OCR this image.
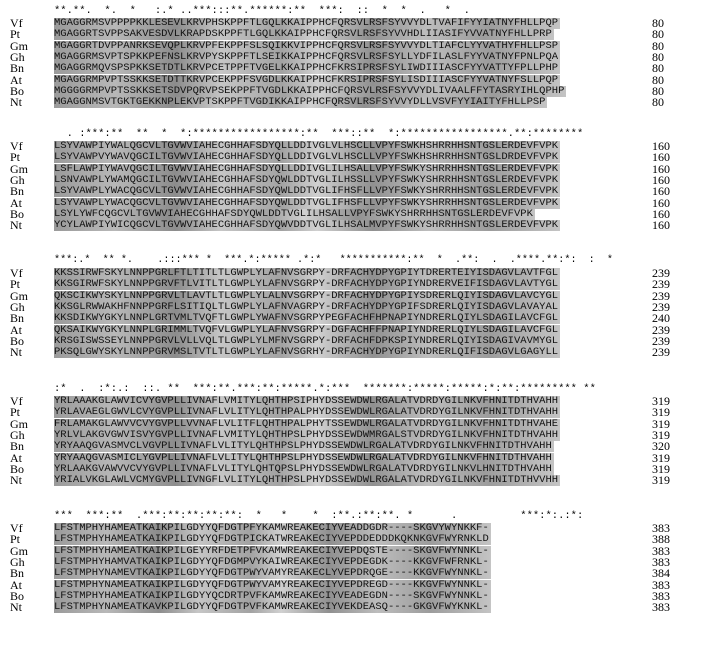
**.**.  *.  *   :.* ..***:::**.******:**  ***:  ::  *  *  .   *  .
Vf	MGAGGRMSVPPPPKKLESEVLKRVPHSKPPFTLGQLKKAIPPHCFQRSVLRSFSYVVYDLTVAFIFYYIATNYFHLLPQP	80
Pt	MGAGGRTSVPPSAKVESDVLKRAPDSKPPFTLGQLKKAIPPHCFQRSVLRSFSYVVHDLIIASIFYVVATNYFHLLPRP	80
Gm MGAGGRTDVPPANRKSEVQPLKRVPFEKPPFSLSQIKKVIPPHCFQRSVLRSFSYVVYDLTIAFCLYYVATHYFHLLPSP	80
Gh	MGAGGRMSVPTSPKKPEFNSLKRVPYSKPPFTLSEIKKAIPPHCFQRSVLRSFSYLLYDFILASLFYYVATNYFPNLPQA	80
Bn	MGAGGRMQVSPSPKKSETDTLKRVPCETPPFTVGELKKAIPPHCFKRSIPRSFSYLIWDIIIASCFYYVATTYFPLLPHP	80
At	MGAGGRMPVPTSSKKSETDTTKRVPCEKPPFSVGDLKKAIPPHCFKRSIPRSFSYLISDIIIASCFYYVATNYFSLLPQP	80
Bo	MGGGGRMPVPTSSKKSETSDVPQRVPSEKPPFTVGDLKKAIPPHCFQRSVLRSFSYVVYDLIVAALFFYTASRYIHLQPHP	80
Nt	MGAGGNMSVTGKTGEKKNPLEKVPTSKPPFTVGDIKKAIPPHCFQRSVLRSFSYVVYDLLVSVFYYIAITYFHLLPSP	80
. :***:**  **  *  *:*****************:**  ***::**  *:*****************.**:********
Vf	LSYVAWPIYWALQGCVLTGVWVIAHECGHHAFSDYQLLDDIVGLVLHSCLLVPYFSWKHSHRRHHSNTGSLERDEVFVPK	160
Pt	LSYVAWPVYWAVQGCILTGVWVIAHECGHHAFSDYQLLDDIVGLVLHSCLLVPYFSWKHSHRRHHSNTGSLDRDEVFVPK	160
Gm LSFLAWPIYWAVQGCILTGVWVIAHECGHHAFSDYQLLDDIVGLILHSALLVPYFSWKYSHRRHHSNTGSLERDEVFVPK	160
Gh	LSNVAWPLYWAMQGCILTGVWVIAHECGHHAFSDYQWLDDTVGLILHSSLLVPYFSWKYSHRRHHSNTGSLERDEVFVPK	160
Bn	LSYVAWPLYWACQGCVLTGVWVIAHECGHHAFSDYQWLDDTVGLIFHSFLLVPYFSWKYSHRRHHSNTGSLERDEVFVPK	160
At	LSYVAWPLYWACQGCVLTGVWVIAHECGHHAFSDYQWLDDTVGLIFHSFLLVPYFSWKYSHRRHHSNTGSLERDEVFVPK	160
Bo	LSYLYWFCQGCVLTGVWVIAHECGHHAFSDYQWLDDTVGLILHSALLVPYFSWKYSHRRHHSNTGSLERDEVFVPK	160
Nt	YCYLAWPIYWICQGCVLTGVWVIAHECGHHAFSDYQWVDDTVGLILHSALMVPYFSWKYSHRRHHSNTGSLERDEVFVPK	160
***:.*  ** *.    .:::*** *  ***.*:***** .*:*   ***********:**  *  .**:  .  .****.**:*:  :  *
Vf	KKSSIRWFSKYLNNPPGRLFTLTITLTLGWPLYLAFNVSGRPY-DRFACHYDPYGPIYTDRERTEIYISDAGVLAVTFGL	239
Pt	KKSGIRWFSKYLNNPPGRVFTLVITLTLGWPLYLAFNVSGRPY-DRFACHYDPYGPIYNDRERVEIFISDAGVLAVTYGL	239
Gm QKSCIKWYSKYLNNPPGRVLTLAVTLTLGWPLYLALNVSGRPY-DRFACHYDPYGPIYSDRERLQIYISDAGVLAVCYGL	239
Gh	KKSGLRWWAKHFNNPPGRFLSITIQLTLGWPLYLAFNVAGRPY-DRFACHYDPYGPIFSDRERLQIYISDAGVLAVAYAL	239
Bn	KKSDIKWYGKYLNNPLGRTVMLTVQFTLGWPLYWAFNVSGRPYPEGFACHFHPNAPIYNDRERLQIYLSDAGILAVCFGL	240
At	QKSAIKWYGKYLNNPLGRIMMLTVQFVLGWPLYLAFNVSGRPY-DGFACHFFPNAPIYNDRERLQIYLSDAGILAVCFGL	239
Bo	KRSGISWSSEYLNNPPGRVLVLLVQLTLGWPLYLMFNVSGRPY-DRFACHFDPKSPIYNDRERLQIYISDAGIVAVMYGL	239
Nt	PKSQLGWYSKYLNNPPGRVMSLTVTLTLGWPLYLAFNVSGRHY-DRFACHYDPYGPIYNDRERLQIFISDAGVLGAGYLL	239
:*  .  :*:.:  ::. **  ***:**.***:**:*****.*:***  *******:*****:*****:*:**:********* **
Vf	YRLAAAKGLAWVICVYGVPLLIVNAFLVMITYLQHTHPSIPHYDSSEWDWLRGALATVDRDYGILNKVFHNITDTHVAHH	319
Pt	YRLAVAEGLGWVLCVYGVPLLIVNAFLVLITYLQHTHPALPHYDSSEWDWLRGALATVDRDYGILNKVFHNITDTHVAHH	319
Gm FRLAMAKGLAWVVCVYGVPLLVVNAFLVLITFLQHTHPALPHYTSSEWDWLRGALATVDRDYGILNKVFHNITDTHVAHE	319
Gh	YRLVLAKGVGWVISVYGVPLLIVNAFLVMITYLQHTHPSLPHYDSSEWDWMRGALSTVDRDYGILNKVFHNITDTHVAHH	319
Bn	YRYAAQGVASMVCLVGVPLLIVNAFLVLITYLQHTHPSLPHYDSSEWDWLRGALATVDRDYGILNKVFHNITDTHVAHH	320
At	YRYAAQGVASMICLYGVPLLIVNAFLVLITYLQHTHPSLPHYDSSEWDWLRGALATVDRDYGILNKVFHNITDTHVAHH	319
Bo	YRLAAKGVAWVVCVYGVPLLIVNAFLVLITYLQHTQPSLPHYDSSEWDWLRGALATVDRDYGILNKVLHNITDTHVAHH	319
Nt	YRIALVKGLAWLVCMYGVPLLIVNGFLVLITYLQHTHPSLPHYDSSEWDWLRGALATVDRDYGILNKVFHNITDTHVVHH	319
***  ***:**  .***:**:**:**:**:  *   *    *  :**.:**:**. *      .          ***:*:.:*:
Vf	LFSTMPHYHAMEATKAIKPILGDYYQFDGTPFYKAMWREAKECIYVEADDGDR----SKGVYWYNKKF-	383
Pt	LFSTMPHYHAMEATKAIKPILGDYYQFDGTPICKATWREAKECIYVEPDDEDDDKQKNKGVFWYRNKLD	388
Gm LFSTMPHYHAMEATKAIKPILGEYYRFDETPFVKAMWREAKECIYVEPDQSTE----SKGVFWYNNKL-	383
Gh	LFSTMPHYHAMVATKAIKPILGDYYQFDGMPVYKAIWREAKECIYVEPDEGDK----KKGVFWFRNKL-	383
Bn	LFSTMPHYNAMEVTKAIKPILGDYYQFDGTPWYVAMYREAKECLYVEPDRQGE----KKGVFWYNNKL-	384
At	LFSTMPHYNAMEATKAIKPILGDYYQFDGTPWYVAMYREAKECIYVEPDREGD----KKGVFWYNNKL-	383
Bo	LFSTMPHYHAMEATKAIKPILGDYYQCDRTPVFKAMWREAKECIYVEADEGDN----SKGVFWYNNKL-	383
Nt	LFSTMPHYNAMEATKAVKPILGDYYQFDGTPVFKAMWREAKECIYVEKDEASQ----GKGVFWYKNKL-	383
